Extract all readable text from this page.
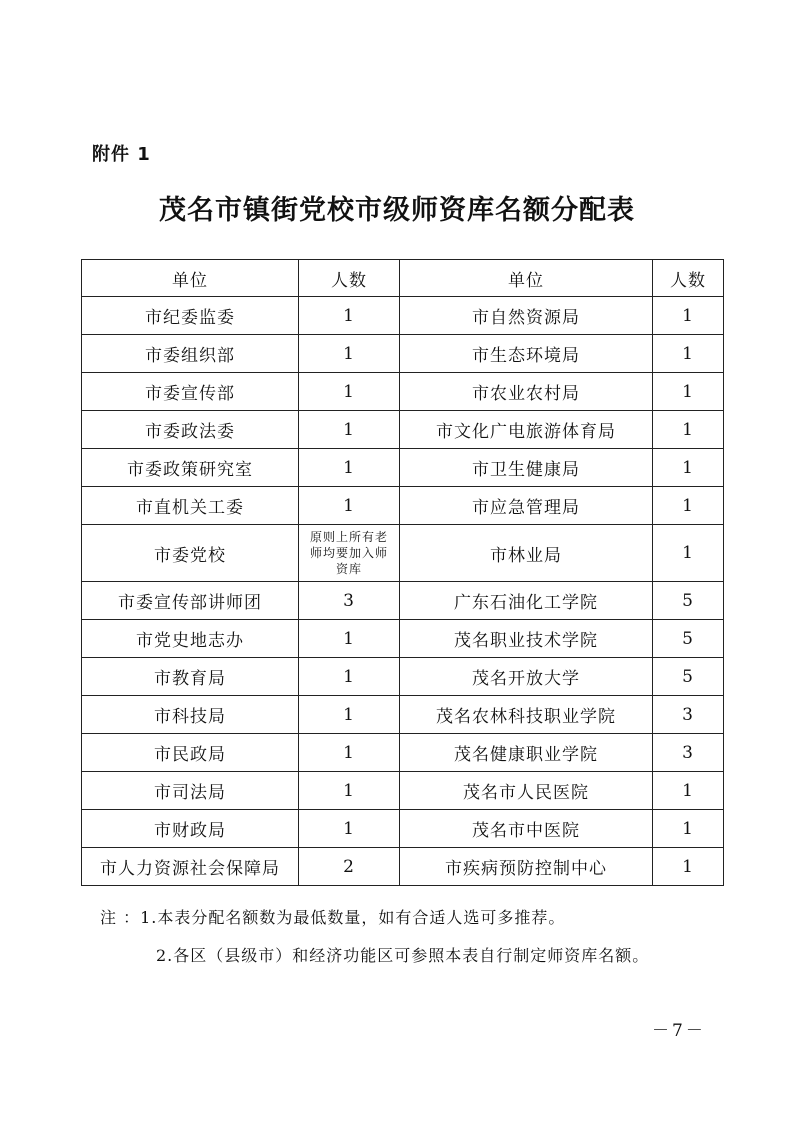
附件 1
茂名市镇街党校市级师资库名额分配表
单位	人数	单位	人数
市纪委监委	1	市自然资源局	1
市委组织部	1	市生态环境局	1
市委宣传部	1	市农业农村局	1
市委政法委	1	市文化广电旅游体育局	1
市委政策研究室	1	市卫生健康局	1
市直机关工委	1	市应急管理局	1
市委党校	原则上所有老师均要加入师资库	市林业局	1
市委宣传部讲师团	3	广东石油化工学院	5
市党史地志办	1	茂名职业技术学院	5
市教育局	1	茂名开放大学	5
市科技局	1	茂名农林科技职业学院	3
市民政局	1	茂名健康职业学院	3
市司法局	1	茂名市人民医院	1
市财政局	1	茂名市中医院	1
市人力资源社会保障局	2	市疾病预防控制中心	1
注 ：1.本表分配名额数为最低数量，如有合适人选可多推荐。
2.各区（县级市）和经济功能区可参照本表自行制定师资库名额。
－7－
